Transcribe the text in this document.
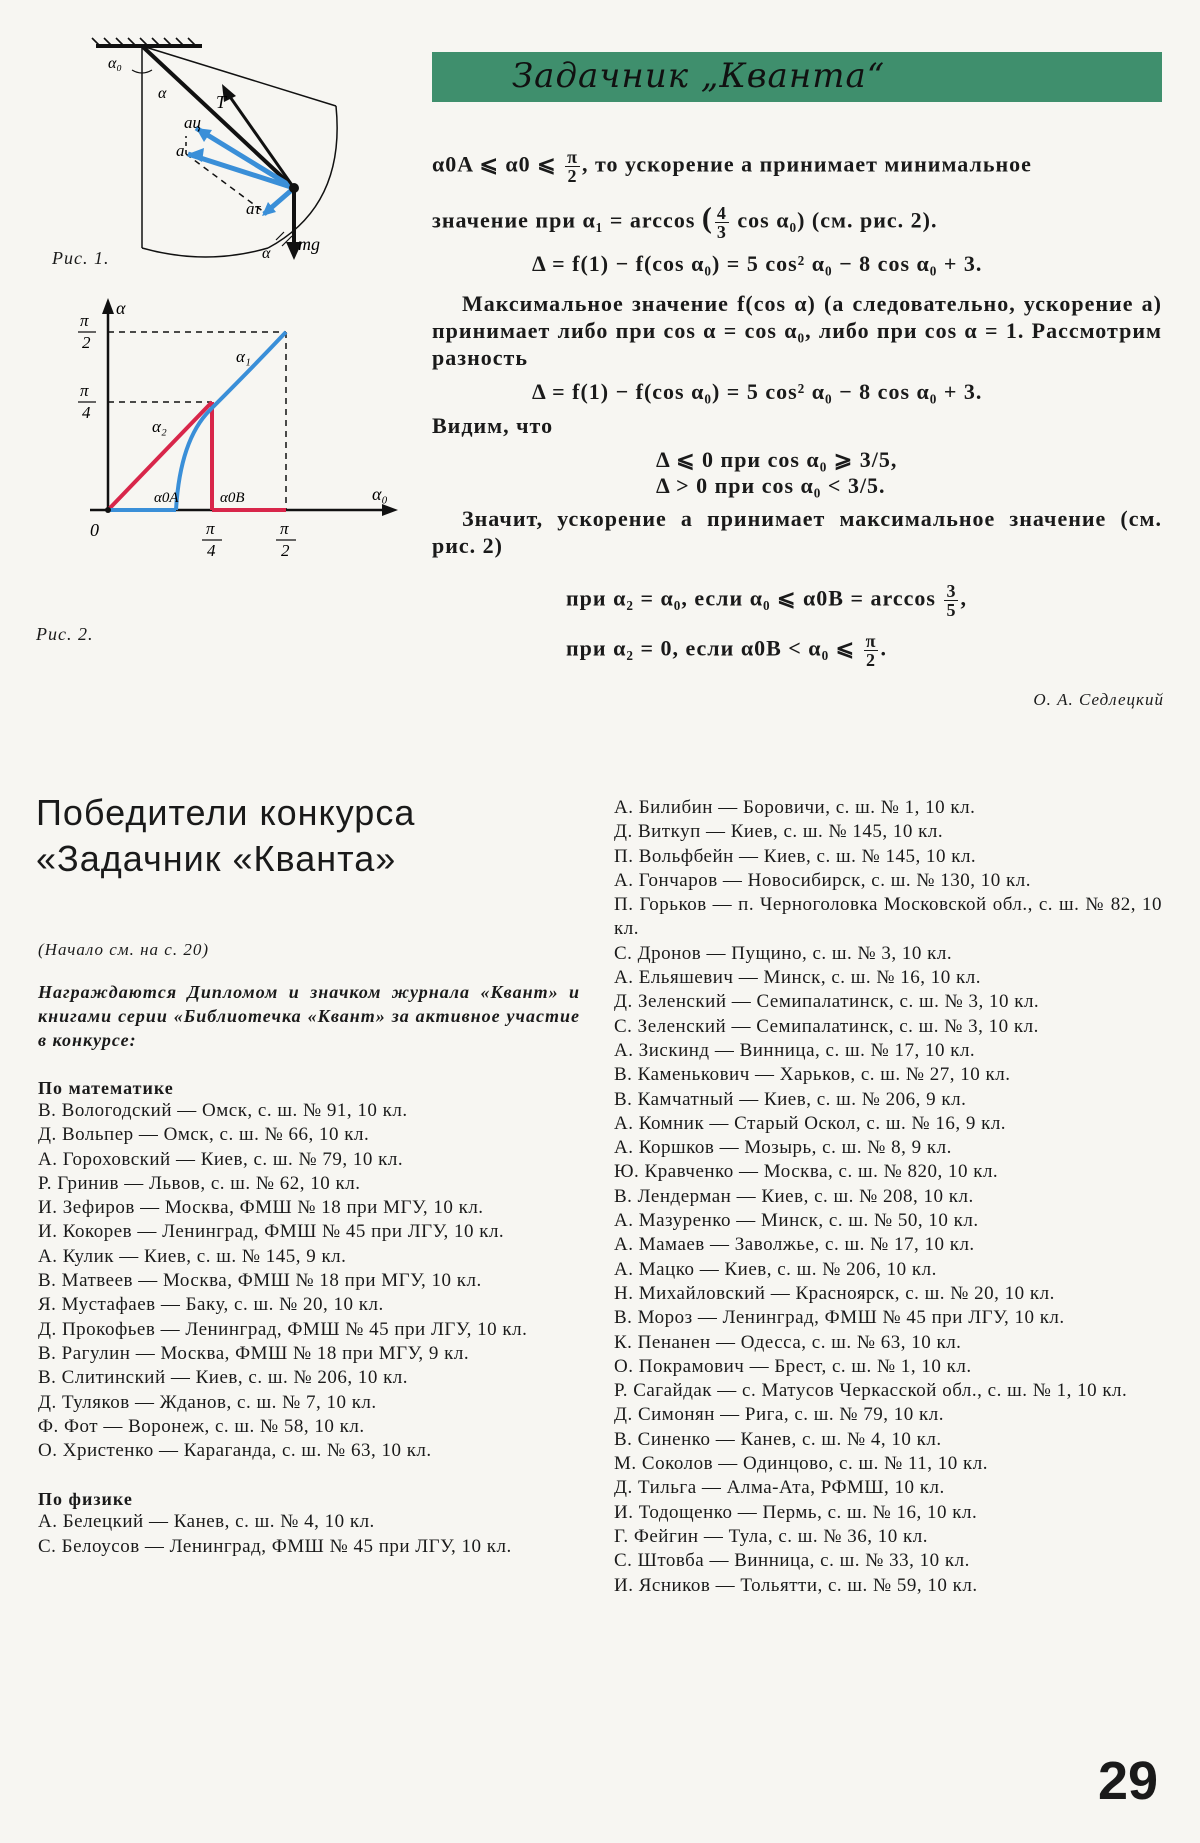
Задачник „Кванта“
α₀
α	T
aц
a
aτ
mg
α
Рис. 1.
α
α₀
0
π
2
π
4
π
4
π
2
α₁
α₂
α0A	α0B
Рис. 2.
α0A ⩽ α0 ⩽ $\frac{\pi}{2}$ , то ускорение a принимает минимальное
значение при α₁ = arccos ( $\frac{4}{3}$ cos α₀) (см. рис. 2).
Δ = f(1) − f(cos α₀) = 5 cos² α₀ − 8 cos α₀ + 3.
Максимальное значение f(cos α) (а следовательно, ускорение a) принимает либо при cos α = cos α₀, либо при cos α = 1. Рассмотрим разность
Δ = f(1) − f(cos α₀) = 5 cos² α₀ − 8 cos α₀ + 3.
Видим, что
Δ ⩽ 0 при cos α₀ ⩾ 3/5,
Δ > 0 при cos α₀ < 3/5.
Значит, ускорение a принимает максимальное значение (см. рис. 2)
при α₂ = α₀, если α₀ ⩽ $\alpha 0B = \arccos \frac{3}{5}$ ,
при α₂ = 0, если α0B < α₀ ⩽ $\frac{\pi}{2}$ .
О. А. Седлецкий
Победители конкурса
«Задачник «Кванта»
(Начало см. на с. 20)
Награждаются Дипломом и значком журнала «Квант» и книгами серии «Библиотечка «Квант» за активное участие в конкурсе:
По математике
В. Вологодский — Омск, с. ш. № 91, 10 кл.
Д. Вольпер — Омск, с. ш. № 66, 10 кл.
А. Гороховский — Киев, с. ш. № 79, 10 кл.
Р. Гринив — Львов, с. ш. № 62, 10 кл.
И. Зефиров — Москва, ФМШ № 18 при МГУ, 10 кл.
И. Кокорев — Ленинград, ФМШ № 45 при ЛГУ, 10 кл.
А. Кулик — Киев, с. ш. № 145, 9 кл.
В. Матвеев — Москва, ФМШ № 18 при МГУ, 10 кл.
Я. Мустафаев — Баку, с. ш. № 20, 10 кл.
Д. Прокофьев — Ленинград, ФМШ № 45 при ЛГУ, 10 кл.
В. Рагулин — Москва, ФМШ № 18 при МГУ, 9 кл.
В. Слитинский — Киев, с. ш. № 206, 10 кл.
Д. Туляков — Жданов, с. ш. № 7, 10 кл.
Ф. Фот — Воронеж, с. ш. № 58, 10 кл.
О. Христенко — Караганда, с. ш. № 63, 10 кл.
По физике
А. Белецкий — Канев, с. ш. № 4, 10 кл.
С. Белоусов — Ленинград, ФМШ № 45 при ЛГУ, 10 кл.
А. Билибин — Боровичи, с. ш. № 1, 10 кл.
Д. Виткуп — Киев, с. ш. № 145, 10 кл.
П. Вольфбейн — Киев, с. ш. № 145, 10 кл.
А. Гончаров — Новосибирск, с. ш. № 130, 10 кл.
П. Горьков — п. Черноголовка Московской обл., с. ш. № 82, 10 кл.
С. Дронов — Пущино, с. ш. № 3, 10 кл.
А. Ельяшевич — Минск, с. ш. № 16, 10 кл.
Д. Зеленский — Семипалатинск, с. ш. № 3, 10 кл.
С. Зеленский — Семипалатинск, с. ш. № 3, 10 кл.
А. Зискинд — Винница, с. ш. № 17, 10 кл.
В. Каменькович — Харьков, с. ш. № 27, 10 кл.
В. Камчатный — Киев, с. ш. № 206, 9 кл.
А. Комник — Старый Оскол, с. ш. № 16, 9 кл.
А. Коршков — Мозырь, с. ш. № 8, 9 кл.
Ю. Кравченко — Москва, с. ш. № 820, 10 кл.
В. Лендерман — Киев, с. ш. № 208, 10 кл.
А. Мазуренко — Минск, с. ш. № 50, 10 кл.
А. Мамаев — Заволжье, с. ш. № 17, 10 кл.
А. Мацко — Киев, с. ш. № 206, 10 кл.
Н. Михайловский — Красноярск, с. ш. № 20, 10 кл.
В. Мороз — Ленинград, ФМШ № 45 при ЛГУ, 10 кл.
К. Пенанен — Одесса, с. ш. № 63, 10 кл.
О. Покрамович — Брест, с. ш. № 1, 10 кл.
Р. Сагайдак — с. Матусов Черкасской обл., с. ш. № 1, 10 кл.
Д. Симонян — Рига, с. ш. № 79, 10 кл.
В. Синенко — Канев, с. ш. № 4, 10 кл.
М. Соколов — Одинцово, с. ш. № 11, 10 кл.
Д. Тильга — Алма-Ата, РФМШ, 10 кл.
И. Тодощенко — Пермь, с. ш. № 16, 10 кл.
Г. Фейгин — Тула, с. ш. № 36, 10 кл.
С. Штовба — Винница, с. ш. № 33, 10 кл.
И. Ясников — Тольятти, с. ш. № 59, 10 кл.
29
